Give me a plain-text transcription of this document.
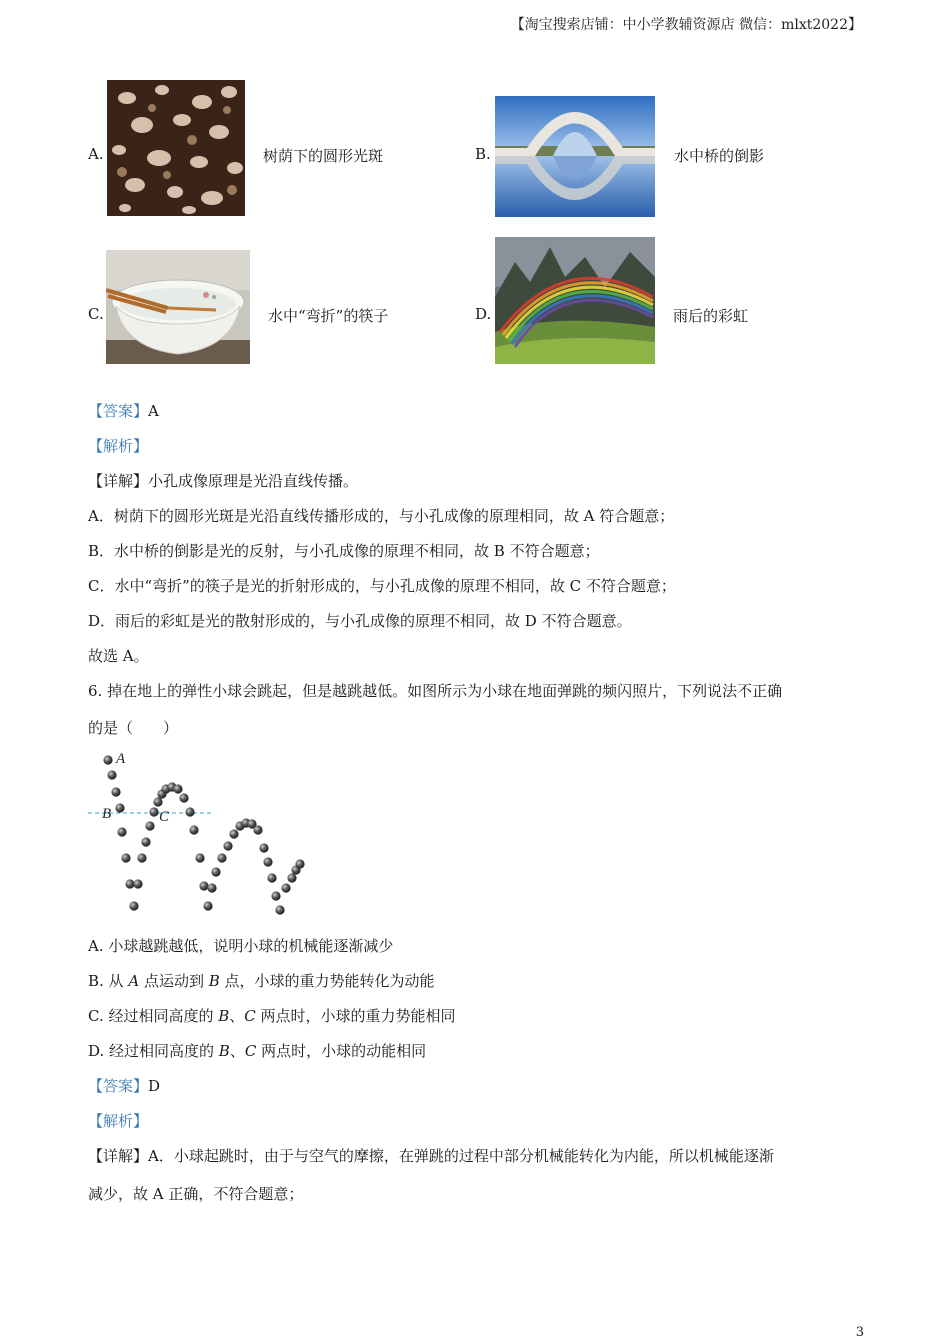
【淘宝搜索店铺：中小学教辅资源店 微信：mlxt2022】
A.	树荫下的圆形光斑	B.	水中桥的倒影
C.	水中“弯折”的筷子	D.	雨后的彩虹
【答案】A
【解析】
【详解】小孔成像原理是光沿直线传播。
A．树荫下的圆形光斑是光沿直线传播形成的，与小孔成像的原理相同，故 A 符合题意；
B．水中桥的倒影是光的反射，与小孔成像的原理不相同，故 B 不符合题意；
C．水中“弯折”的筷子是光的折射形成的，与小孔成像的原理不相同，故 C 不符合题意；
D．雨后的彩虹是光的散射形成的，与小孔成像的原理不相同，故 D 不符合题意。
故选 A。
6. 掉在地上的弹性小球会跳起，但是越跳越低。如图所示为小球在地面弹跳的频闪照片，下列说法不正确
的是（　　）
A
B	C
A. 小球越跳越低，说明小球的机械能逐渐减少
B. 从 A 点运动到 B 点，小球的重力势能转化为动能
C. 经过相同高度的 B、C 两点时，小球的重力势能相同
D. 经过相同高度的 B、C 两点时，小球的动能相同
【答案】D
【解析】
【详解】A．小球起跳时，由于与空气的摩擦，在弹跳的过程中部分机械能转化为内能，所以机械能逐渐
减少，故 A 正确，不符合题意；
3
